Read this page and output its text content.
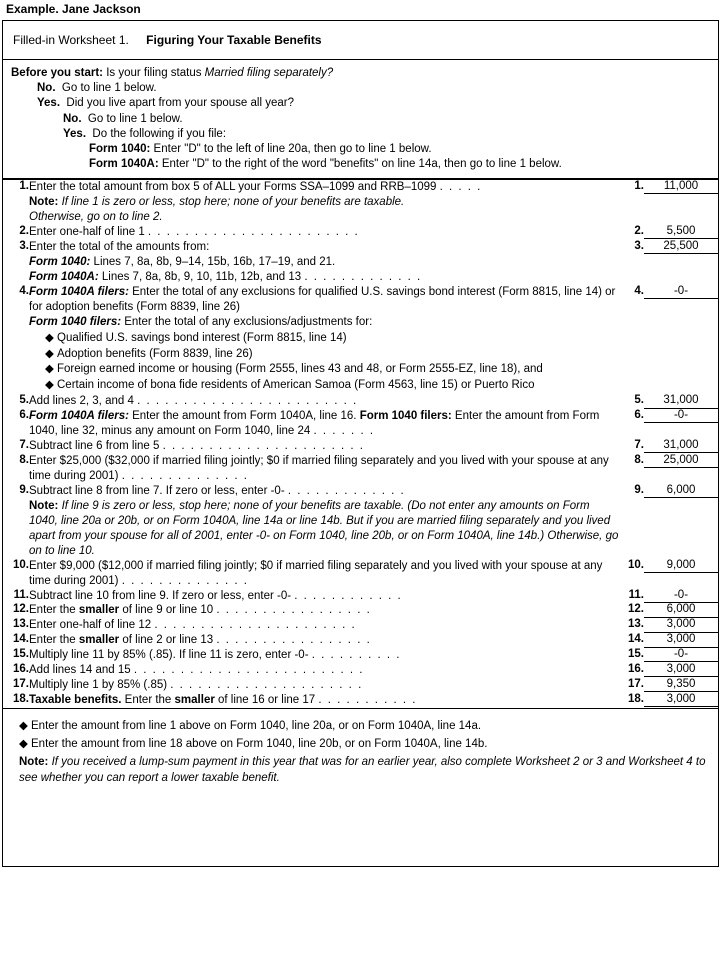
Example. Jane Jackson
Filled-in Worksheet 1. Figuring Your Taxable Benefits
Before you start: Is your filing status Married filing separately?
No. Go to line 1 below.
Yes. Did you live apart from your spouse all year?
No. Go to line 1 below.
Yes. Do the following if you file:
Form 1040: Enter "D" to the left of line 20a, then go to line 1 below.
Form 1040A: Enter "D" to the right of the word "benefits" on line 14a, then go to line 1 below.
1.	Enter the total amount from box 5 of ALL your Forms SSA–1099 and RRB–1099 . . . . .
Note: If line 1 is zero or less, stop here; none of your benefits are taxable.
Otherwise, go on to line 2.	1.	11,000

2.	Enter one-half of line 1 . . . . . . . . . . . . . . . . . . . . . . .	2.	5,500

3.	Enter the total of the amounts from:
Form 1040: Lines 7, 8a, 8b, 9–14, 15b, 16b, 17–19, and 21.
Form 1040A: Lines 7, 8a, 8b, 9, 10, 11b, 12b, and 13 . . . . . . . . . . . . .	3.	25,500

4.	Form 1040A filers: Enter the total of any exclusions for qualified U.S. savings bond interest (Form 8815, line 14) or for adoption benefits (Form 8839, line 26)
Form 1040 filers: Enter the total of any exclusions/adjustments for:
◆ Qualified U.S. savings bond interest (Form 8815, line 14)
◆ Adoption benefits (Form 8839, line 26)
◆ Foreign earned income or housing (Form 2555, lines 43 and 48, or Form 2555-EZ, line 18), and
◆ Certain income of bona fide residents of American Samoa (Form 4563, line 15) or Puerto Rico
	4.	-0-

5.	Add lines 2, 3, and 4 . . . . . . . . . . . . . . . . . . . . . . . .	5.	31,000

6.	Form 1040A filers: Enter the amount from Form 1040A, line 16. Form 1040 filers: Enter the amount from Form 1040, line 32, minus any amount on Form 1040, line 24 . . . . . . .	6.	-0-

7.	Subtract line 6 from line 5 . . . . . . . . . . . . . . . . . . . . . .	7.	31,000

8.	Enter $25,000 ($32,000 if married filing jointly; $0 if married filing separately and you lived with your spouse at any time during 2001) . . . . . . . . . . . . . .	8.	25,000

9.	Subtract line 8 from line 7. If zero or less, enter -0- . . . . . . . . . . . . .
Note: If line 9 is zero or less, stop here; none of your benefits are taxable. (Do not enter any amounts on Form 1040, line 20a or 20b, or on Form 1040A, line 14a or line 14b. But if you are married filing separately and you lived apart from your spouse for all of 2001, enter -0- on Form 1040, line 20b, or on Form 1040A, line 14b.) Otherwise, go on to line 10.	9.	6,000

10.	Enter $9,000 ($12,000 if married filing jointly; $0 if married filing separately and you lived with your spouse at any time during 2001) . . . . . . . . . . . . . .	10.	9,000

11.	Subtract line 10 from line 9. If zero or less, enter -0- . . . . . . . . . . . .	11.	-0-

12.	Enter the smaller of line 9 or line 10 . . . . . . . . . . . . . . . . .	12.	6,000

13.	Enter one-half of line 12 . . . . . . . . . . . . . . . . . . . . . .	13.	3,000

14.	Enter the smaller of line 2 or line 13 . . . . . . . . . . . . . . . . .	14.	3,000

15.	Multiply line 11 by 85% (.85). If line 11 is zero, enter -0- . . . . . . . . . .	15.	-0-

16.	Add lines 14 and 15 . . . . . . . . . . . . . . . . . . . . . . . . .	16.	3,000

17.	Multiply line 1 by 85% (.85) . . . . . . . . . . . . . . . . . . . . .	17.	9,350

18.	Taxable benefits. Enter the smaller of line 16 or line 17 . . . . . . . . . . .	18.	3,000
◆ Enter the amount from line 1 above on Form 1040, line 20a, or on Form 1040A, line 14a.
◆ Enter the amount from line 18 above on Form 1040, line 20b, or on Form 1040A, line 14b.
Note: If you received a lump-sum payment in this year that was for an earlier year, also complete Worksheet 2 or 3 and Worksheet 4 to see whether you can report a lower taxable benefit.
